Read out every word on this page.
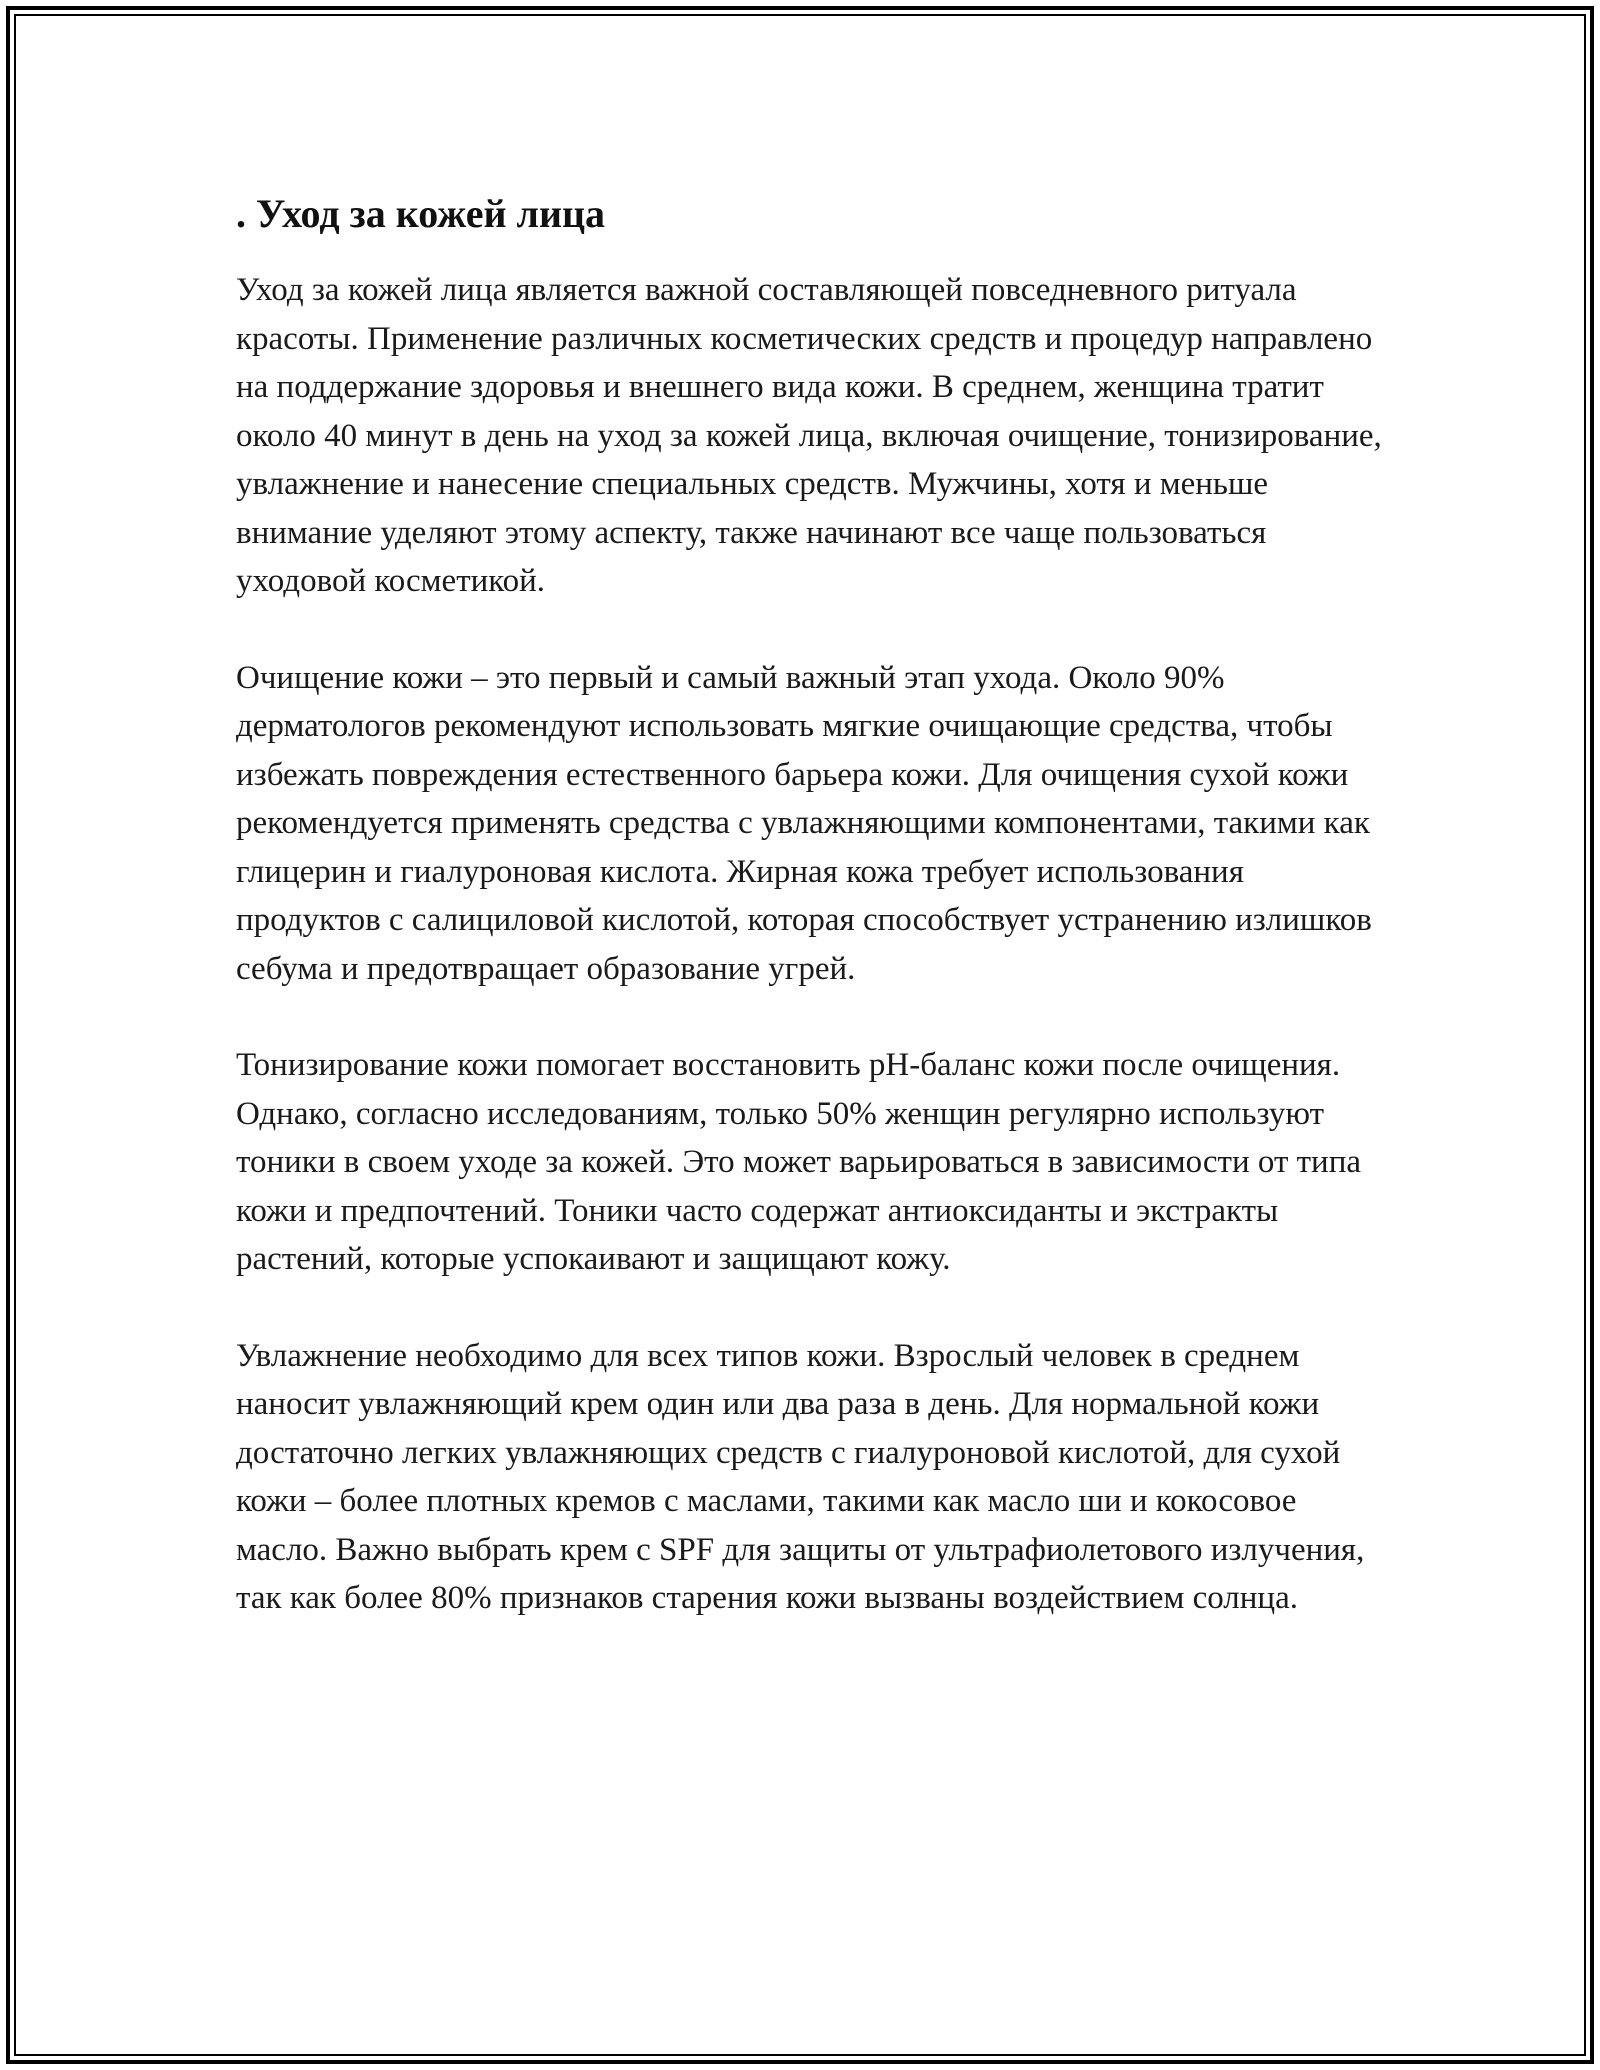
. Уход за кожей лица

Уход за кожей лица является важной составляющей повседневного ритуала красоты. Применение различных косметических средств и процедур направлено на поддержание здоровья и внешнего вида кожи. В среднем, женщина тратит около 40 минут в день на уход за кожей лица, включая очищение, тонизирование, увлажнение и нанесение специальных средств. Мужчины, хотя и меньше внимание уделяют этому аспекту, также начинают все чаще пользоваться уходовой косметикой.

Очищение кожи – это первый и самый важный этап ухода. Около 90% дерматологов рекомендуют использовать мягкие очищающие средства, чтобы избежать повреждения естественного барьера кожи. Для очищения сухой кожи рекомендуется применять средства с увлажняющими компонентами, такими как глицерин и гиалуроновая кислота. Жирная кожа требует использования продуктов с салициловой кислотой, которая способствует устранению излишков себума и предотвращает образование угрей.

Тонизирование кожи помогает восстановить pH-баланс кожи после очищения. Однако, согласно исследованиям, только 50% женщин регулярно используют тоники в своем уходе за кожей. Это может варьироваться в зависимости от типа кожи и предпочтений. Тоники часто содержат антиоксиданты и экстракты растений, которые успокаивают и защищают кожу.

Увлажнение необходимо для всех типов кожи. Взрослый человек в среднем наносит увлажняющий крем один или два раза в день. Для нормальной кожи достаточно легких увлажняющих средств с гиалуроновой кислотой, для сухой кожи – более плотных кремов с маслами, такими как масло ши и кокосовое масло. Важно выбрать крем с SPF для защиты от ультрафиолетового излучения, так как более 80% признаков старения кожи вызваны воздействием солнца.
